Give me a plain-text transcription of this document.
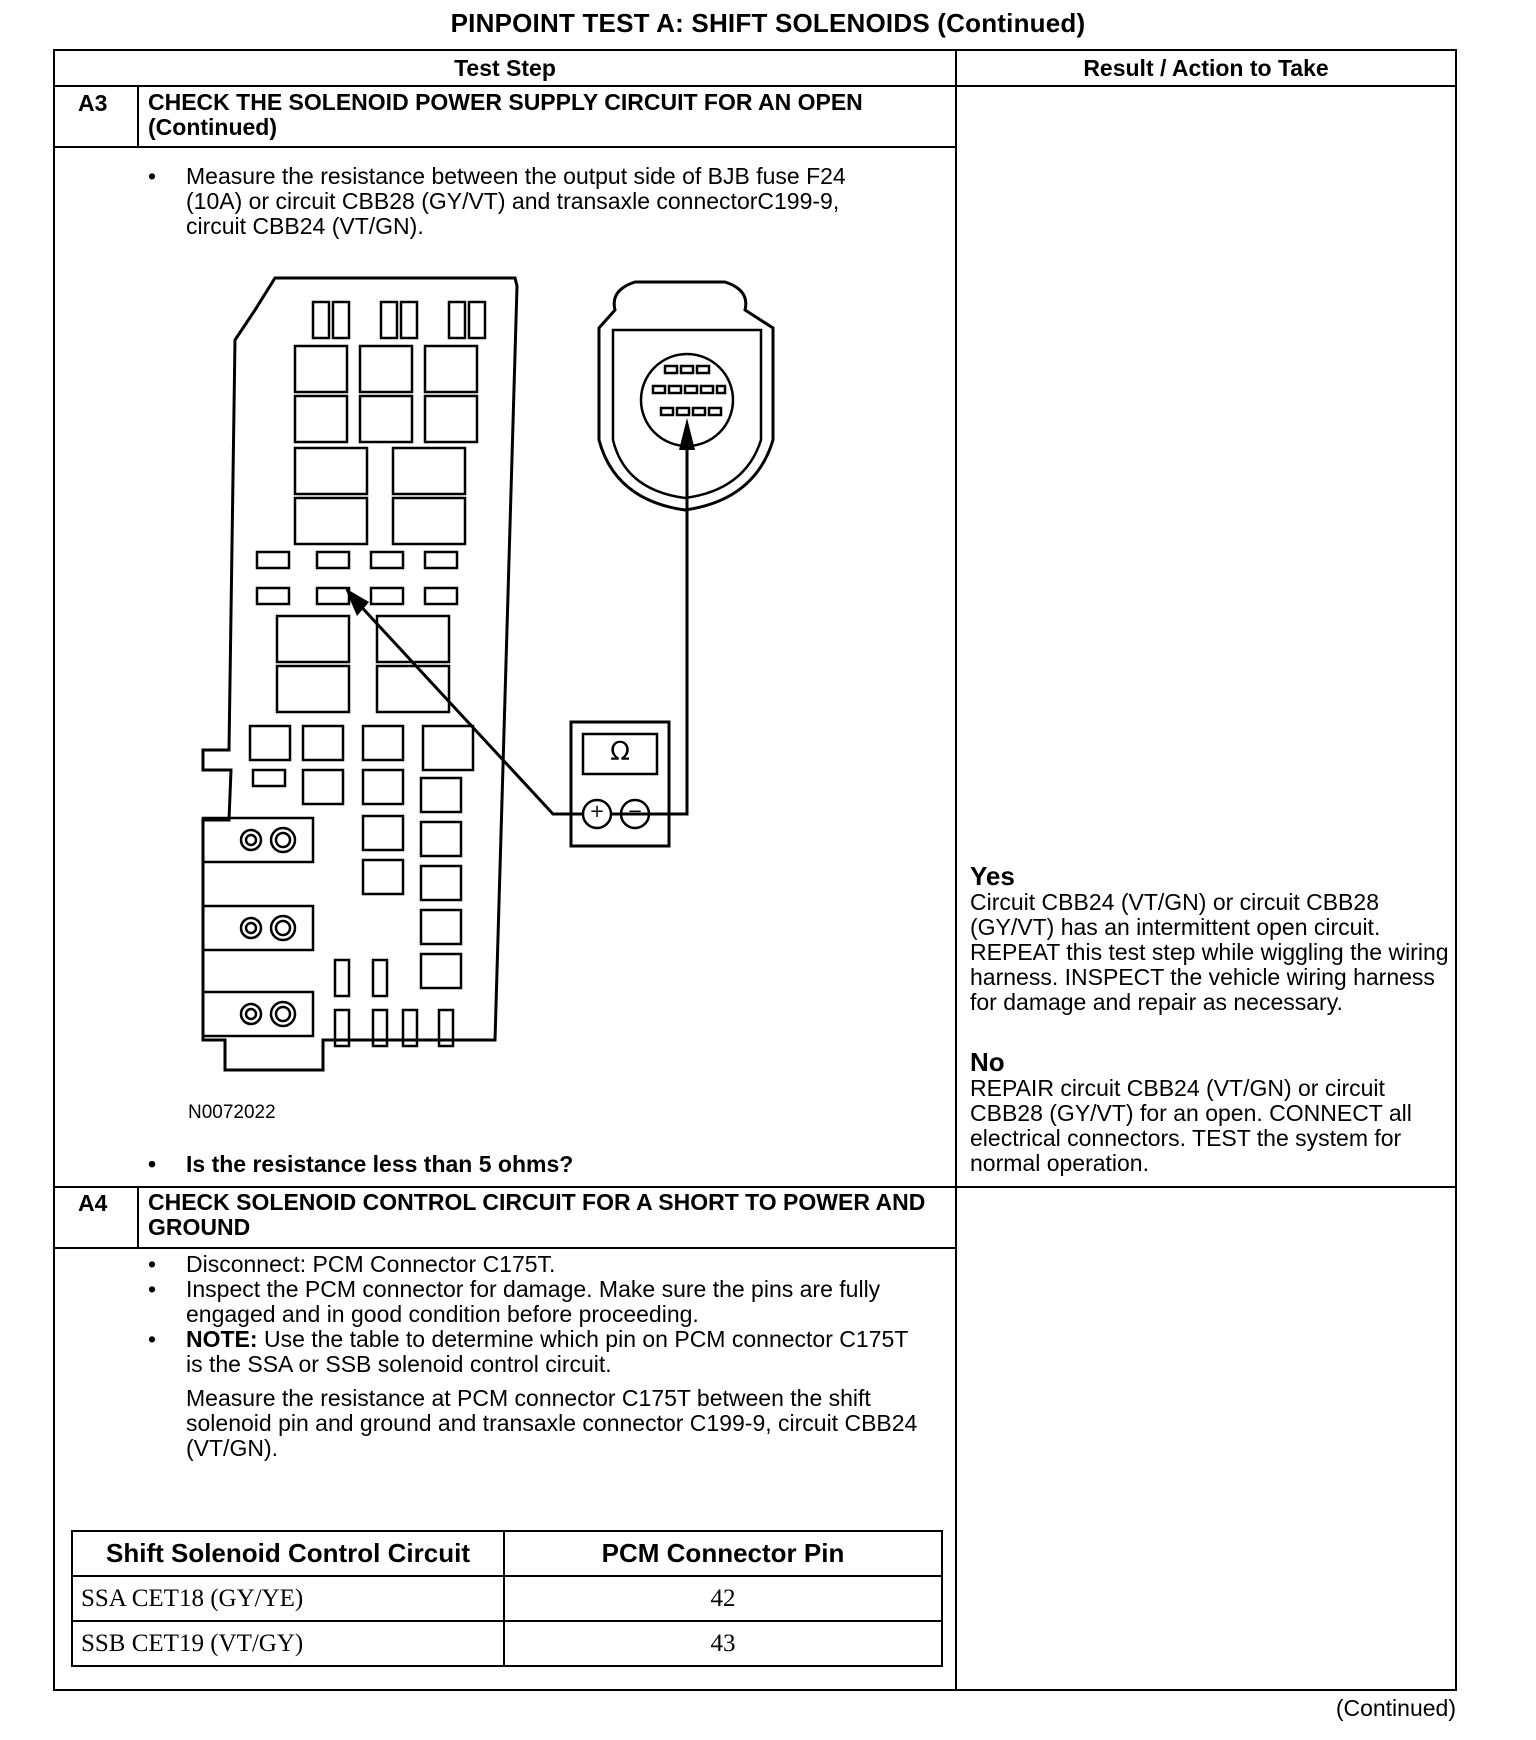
PINPOINT TEST A: SHIFT SOLENOIDS (Continued)
Test Step	Result / Action to Take
A3 CHECK THE SOLENOID POWER SUPPLY CIRCUIT FOR AN OPEN (Continued)
• Measure the resistance between the output side of BJB fuse F24 (10A) or circuit CBB28 (GY/VT) and transaxle connectorC199-9, circuit CBB24 (VT/GN).
Ω
+ −
N0072022
• Is the resistance less than 5 ohms?
Yes
Circuit CBB24 (VT/GN) or circuit CBB28 (GY/VT) has an intermittent open circuit. REPEAT this test step while wiggling the wiring harness. INSPECT the vehicle wiring harness for damage and repair as necessary.
No
REPAIR circuit CBB24 (VT/GN) or circuit CBB28 (GY/VT) for an open. CONNECT all electrical connectors. TEST the system for normal operation.
A4 CHECK SOLENOID CONTROL CIRCUIT FOR A SHORT TO POWER AND GROUND
• Disconnect: PCM Connector C175T.
• Inspect the PCM connector for damage. Make sure the pins are fully engaged and in good condition before proceeding.
• NOTE: Use the table to determine which pin on PCM connector C175T is the SSA or SSB solenoid control circuit.
Measure the resistance at PCM connector C175T between the shift solenoid pin and ground and transaxle connector C199-9, circuit CBB24 (VT/GN).
Shift Solenoid Control Circuit	PCM Connector Pin
SSA CET18 (GY/YE)	42
SSB CET19 (VT/GY)	43
(Continued)
